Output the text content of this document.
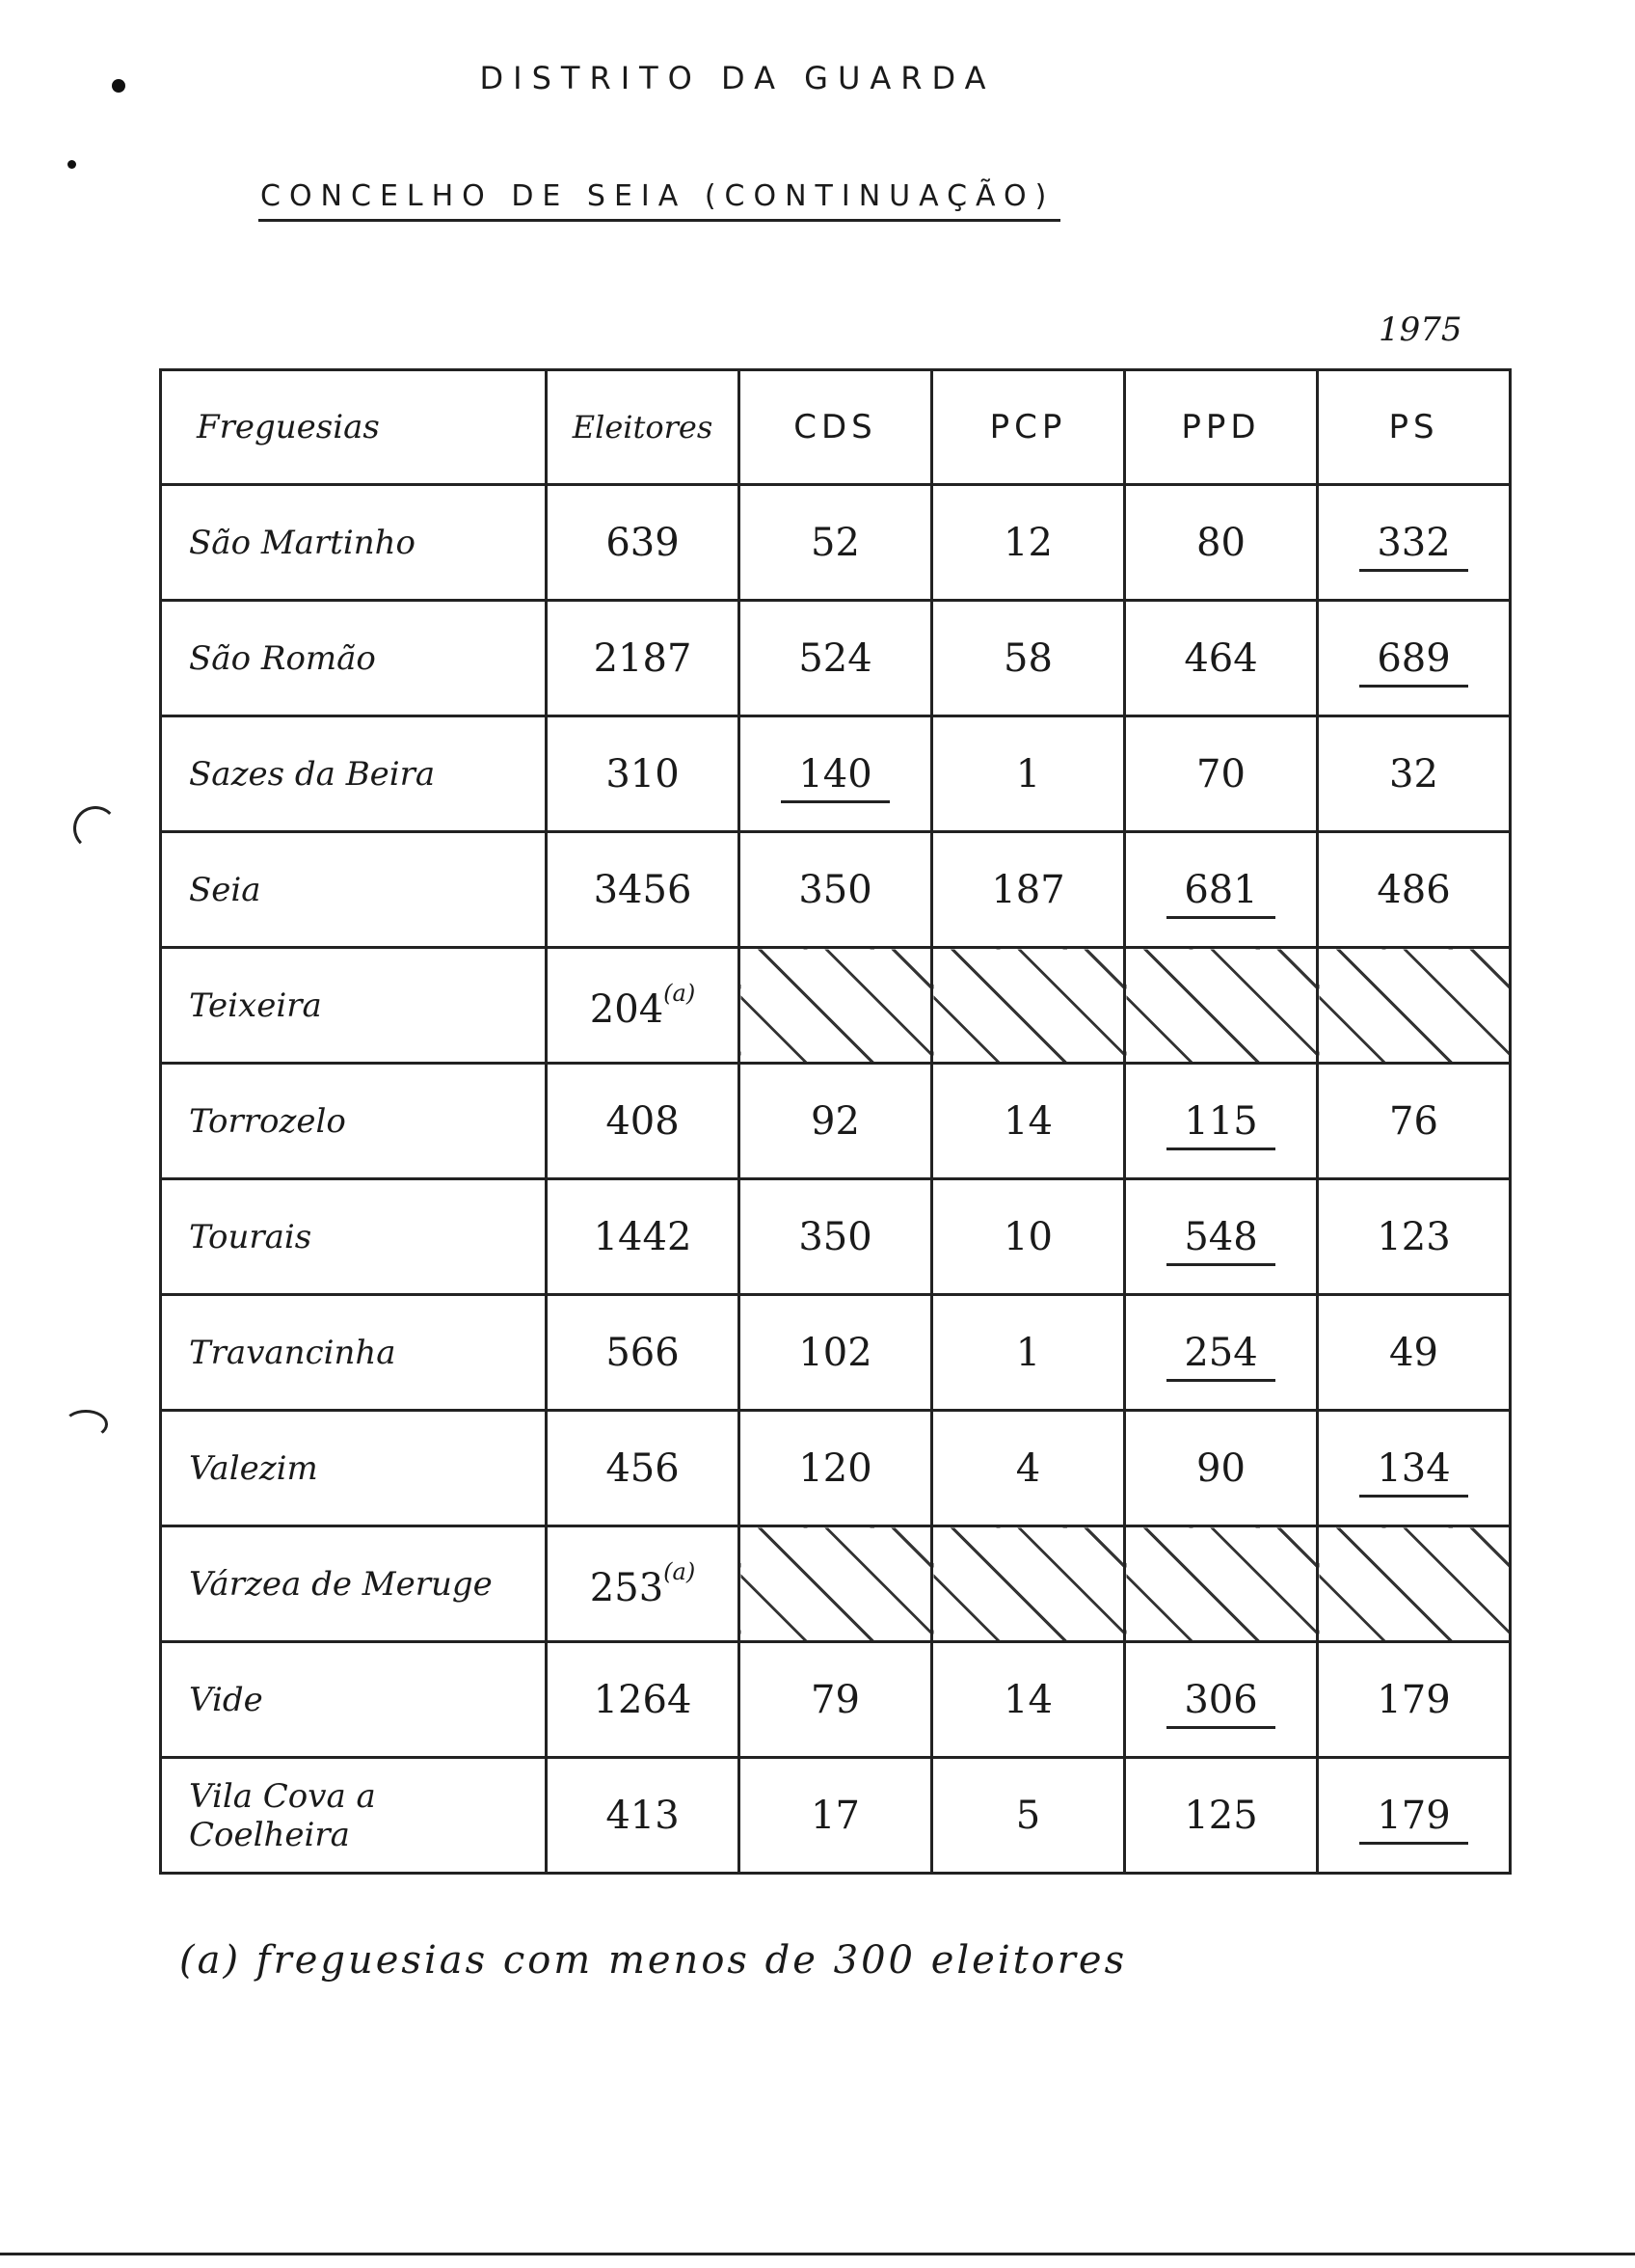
DISTRITO DA GUARDA
CONCELHO DE SEIA (CONTINUAÇÃO)
1975
Freguesias	Eleitores	CDS	PCP	PPD	PS
São Martinho	639	52	12	80	332
São Romão	2187	524	58	464	689
Sazes da Beira	310	140	1	70	32
Seia	3456	350	187	681	486
Teixeira	204$^{(a)}$				
Torrozelo	408	92	14	115	76
Tourais	1442	350	10	548	123
Travancinha	566	102	1	254	49
Valezim	456	120	4	90	134
Várzea de Meruge	253$^{(a)}$				
Vide	1264	79	14	306	179
Vila Cova a Coelheira	413	17	5	125	179
(a) freguesias com menos de 300 eleitores
